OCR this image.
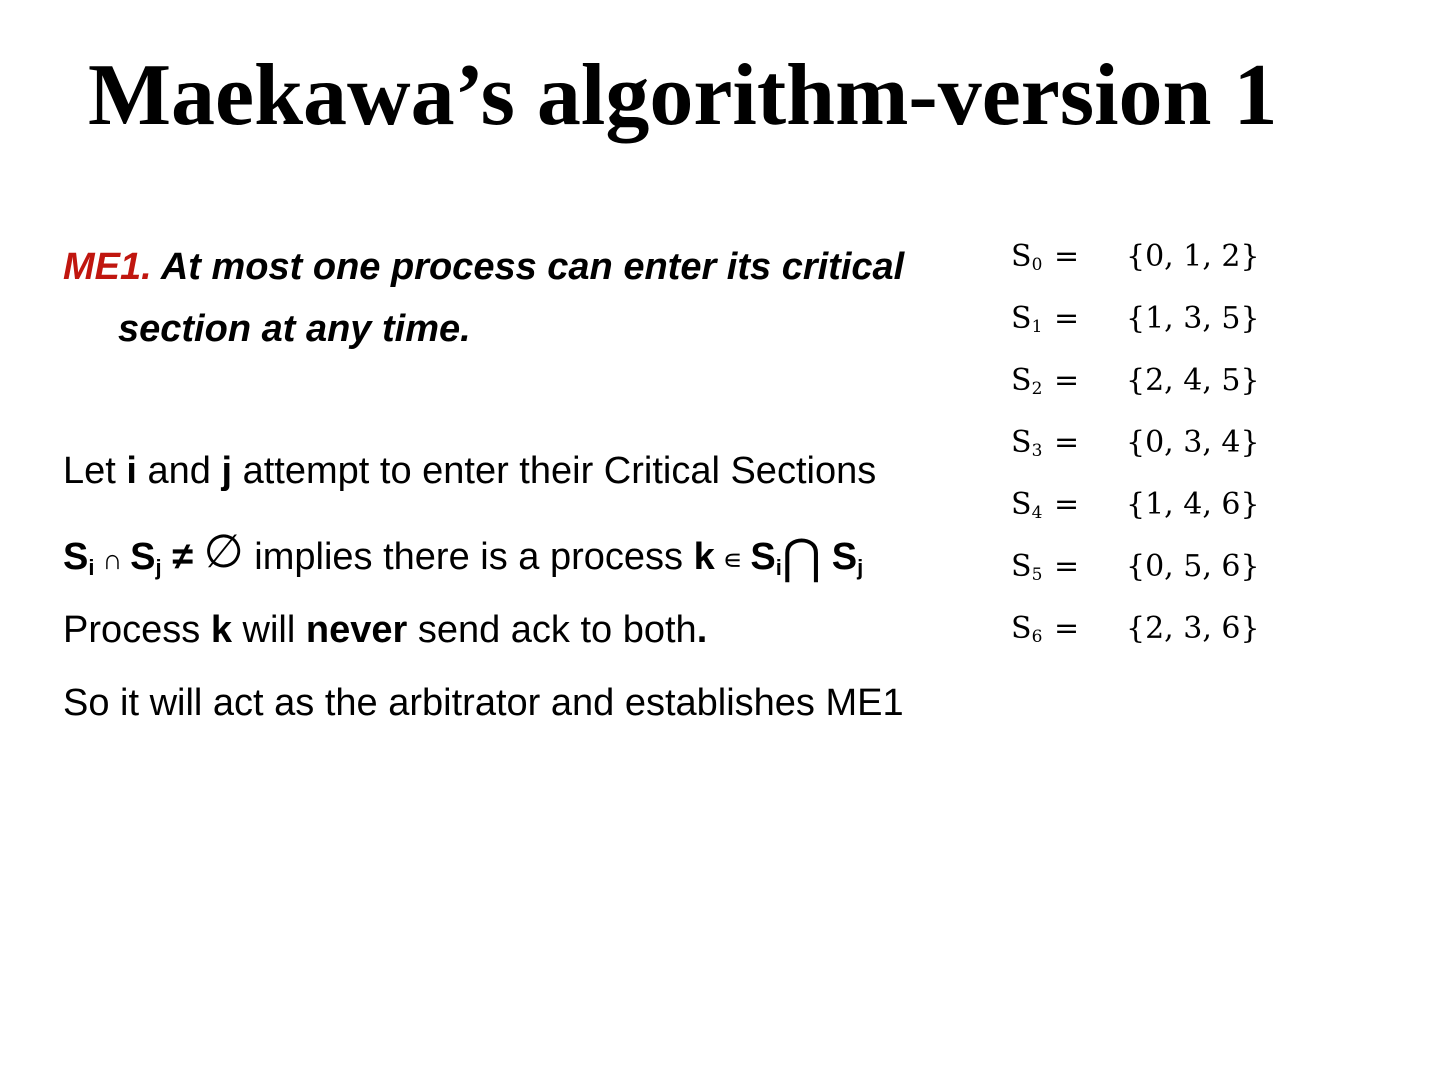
Maekawa’s algorithm-version 1
ME1. At most one process can enter its critical
section at any time.
Let i and j attempt to enter their Critical Sections
$S_i$ ∩ $S_j$ ≠ ∅ implies there is a process k ∊ $S_i⋂$ $S_j$
Process k will never send ack to both.
So it will act as the arbitrator and establishes ME1
$S_0 = \{0$, 1, 2}
$S_1 = \{1$, 3, 5}
$S_2 = \{2$, 4, 5}
$S_3 = \{0$, 3, 4}
$S_4 = \{1$, 4, 6}
$S_5 = \{0$, 5, 6}
$S_6 = \{2$, 3, 6}
